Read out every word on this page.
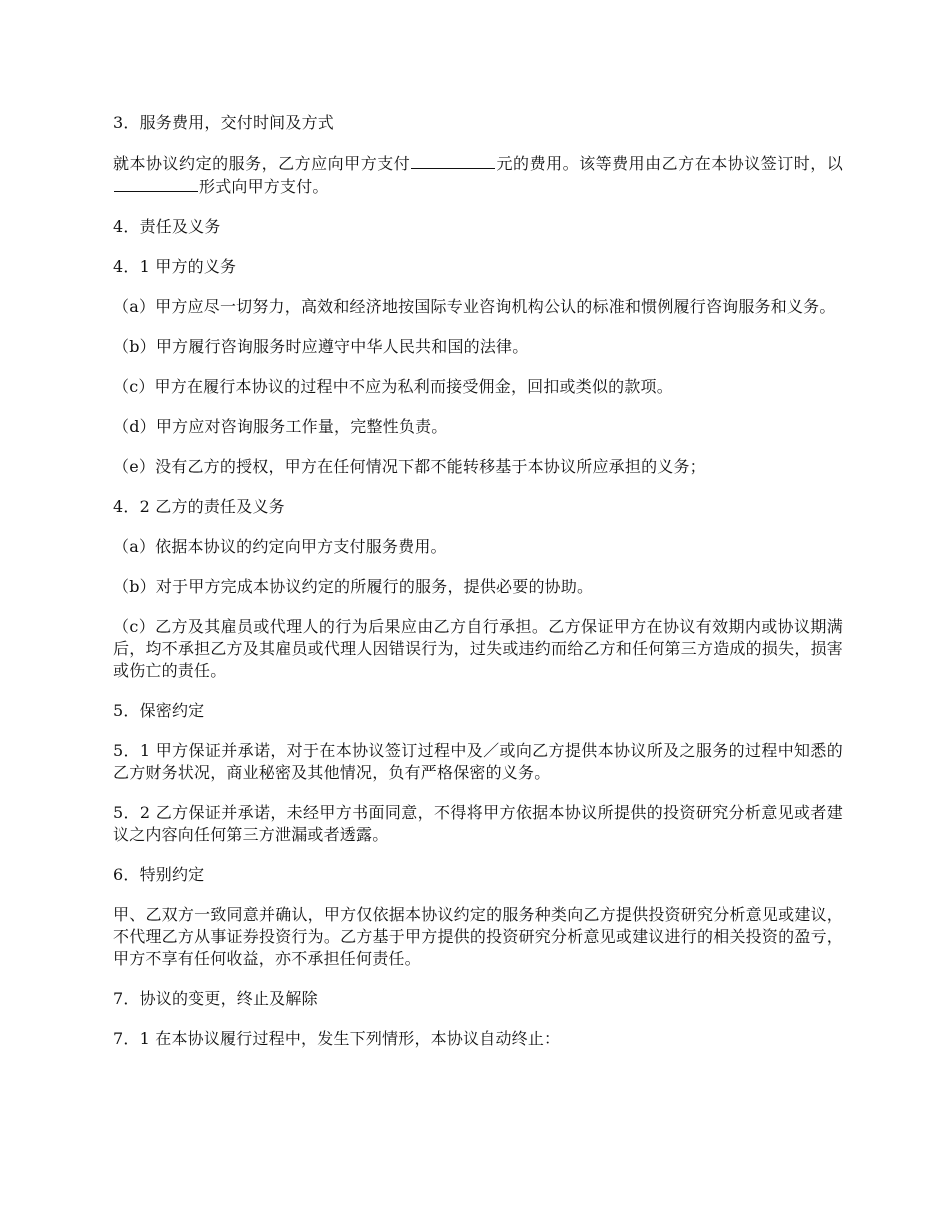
3．服务费用，交付时间及方式

就本协议约定的服务，乙方应向甲方支付	元的费用。该等费用由乙方在本协议签订时，以形式向甲方支付。

4．责任及义务

4．1 甲方的义务

（a）甲方应尽一切努力，高效和经济地按国际专业咨询机构公认的标准和惯例履行咨询服务和义务。

（b）甲方履行咨询服务时应遵守中华人民共和国的法律。

（c）甲方在履行本协议的过程中不应为私利而接受佣金，回扣或类似的款项。

（d）甲方应对咨询服务工作量，完整性负责。

（e）没有乙方的授权，甲方在任何情况下都不能转移基于本协议所应承担的义务；

4．2 乙方的责任及义务

（a）依据本协议的约定向甲方支付服务费用。

（b）对于甲方完成本协议约定的所履行的服务，提供必要的协助。

（c）乙方及其雇员或代理人的行为后果应由乙方自行承担。乙方保证甲方在协议有效期内或协议期满后，均不承担乙方及其雇员或代理人因错误行为，过失或违约而给乙方和任何第三方造成的损失，损害或伤亡的责任。

5．保密约定

5．1 甲方保证并承诺，对于在本协议签订过程中及／或向乙方提供本协议所及之服务的过程中知悉的乙方财务状况，商业秘密及其他情况，负有严格保密的义务。

5．2 乙方保证并承诺，未经甲方书面同意，不得将甲方依据本协议所提供的投资研究分析意见或者建议之内容向任何第三方泄漏或者透露。

6．特别约定

甲、乙双方一致同意并确认，甲方仅依据本协议约定的服务种类向乙方提供投资研究分析意见或建议，不代理乙方从事证券投资行为。乙方基于甲方提供的投资研究分析意见或建议进行的相关投资的盈亏，甲方不享有任何收益，亦不承担任何责任。

7．协议的变更，终止及解除

7．1 在本协议履行过程中，发生下列情形，本协议自动终止：
